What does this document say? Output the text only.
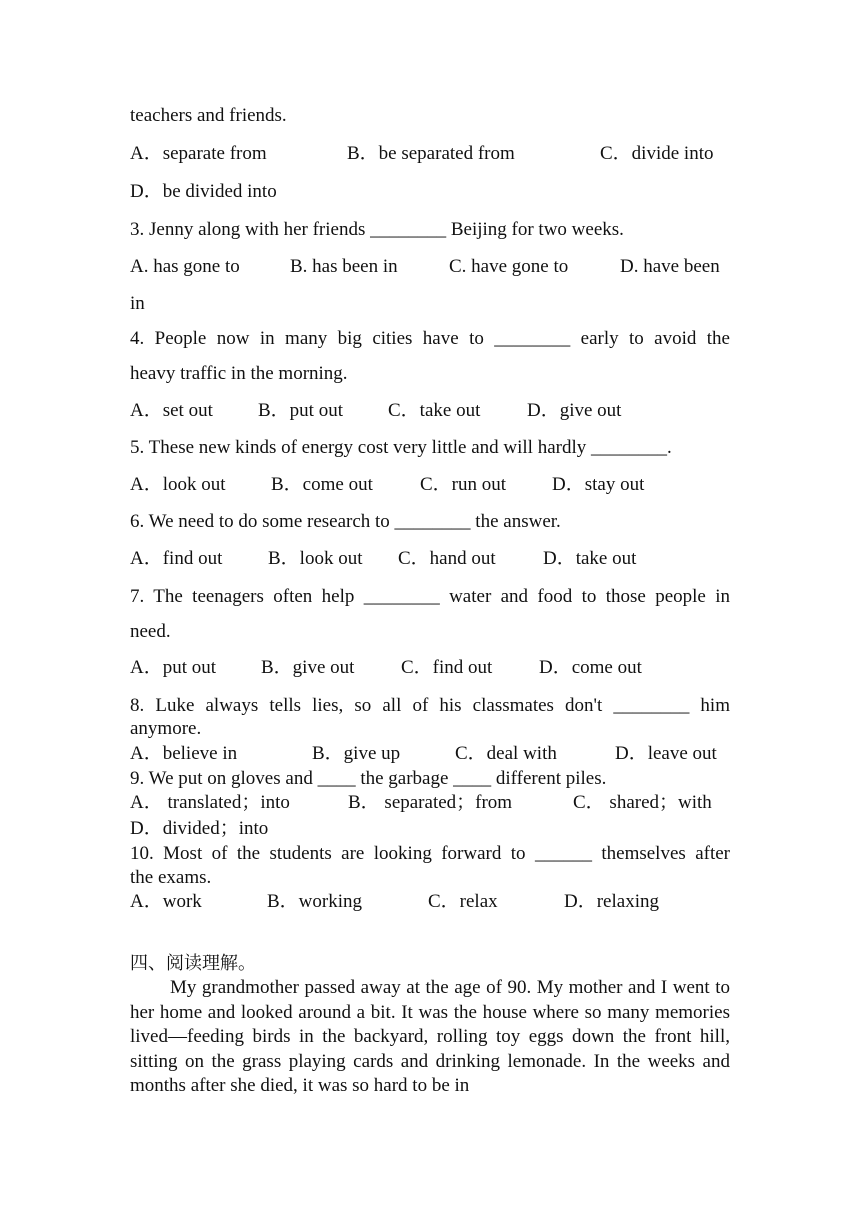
teachers and friends.
A．separate from	B．be separated from	C．divide into
D．be divided into
3. Jenny along with her friends ________ Beijing for two weeks.
A. has gone to	B. has been in	C. have gone to	D. have been
in
4. People now in many big cities have to ________ early to avoid the
heavy traffic in the morning.
A．set out B．put out C．take out D．give out
5. These new kinds of energy cost very little and will hardly ________.
A．look out B．come out C．run out D．stay out
6. We need to do some research to ________ the answer.
A．find out B．look out C．hand out D．take out
7. The teenagers often help ________ water and food to those people in
need.
A．put out B．give out C．find out D．come out
8. Luke always tells lies, so all of his classmates don't ________ him
anymore.
A．believe in	B．give up	C．deal with	D．leave out
9. We put on gloves and ____ the garbage ____ different piles.
A． translated；into	B． separated；from	C． shared；with
D．divided；into
10. Most of the students are looking forward to ______ themselves after
the exams.
A．work	B．working	C．relax	D．relaxing
四、阅读理解。
My grandmother passed away at the age of 90. My mother and I went to her home and looked around a bit. It was the house where so many memories lived—feeding birds in the backyard, rolling toy eggs down the front hill, sitting on the grass playing cards and drinking lemonade. In the weeks and months after she died, it was so hard to be in
